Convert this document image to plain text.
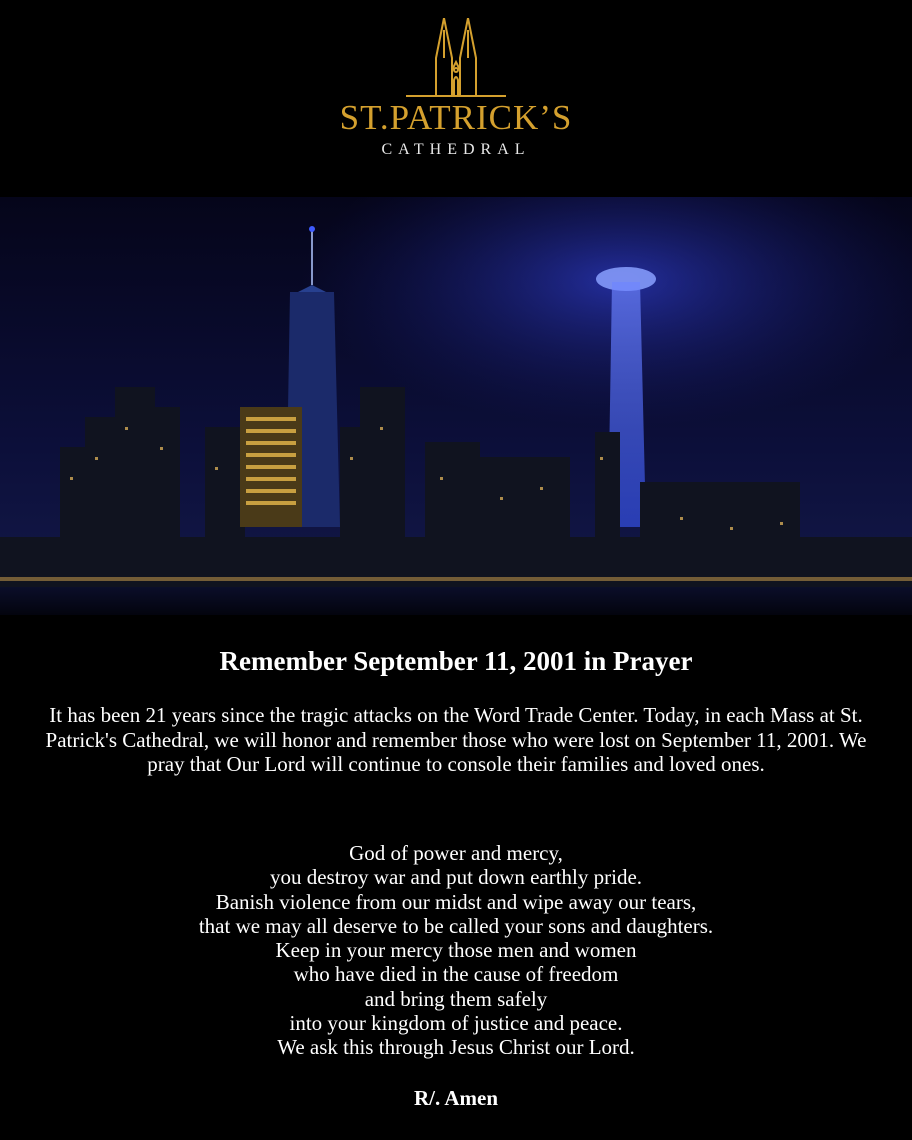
ST.PATRICK’S
CATHEDRAL
Remember September 11, 2001 in Prayer
It has been 21 years since the tragic attacks on the Word Trade Center. Today, in each Mass at St. Patrick's Cathedral, we will honor and remember those who were lost on September 11, 2001. We pray that Our Lord will continue to console their families and loved ones.
God of power and mercy,
you destroy war and put down earthly pride.
Banish violence from our midst and wipe away our tears,
that we may all deserve to be called your sons and daughters.
Keep in your mercy those men and women
who have died in the cause of freedom
and bring them safely
into your kingdom of justice and peace.
We ask this through Jesus Christ our Lord.
R/. Amen
